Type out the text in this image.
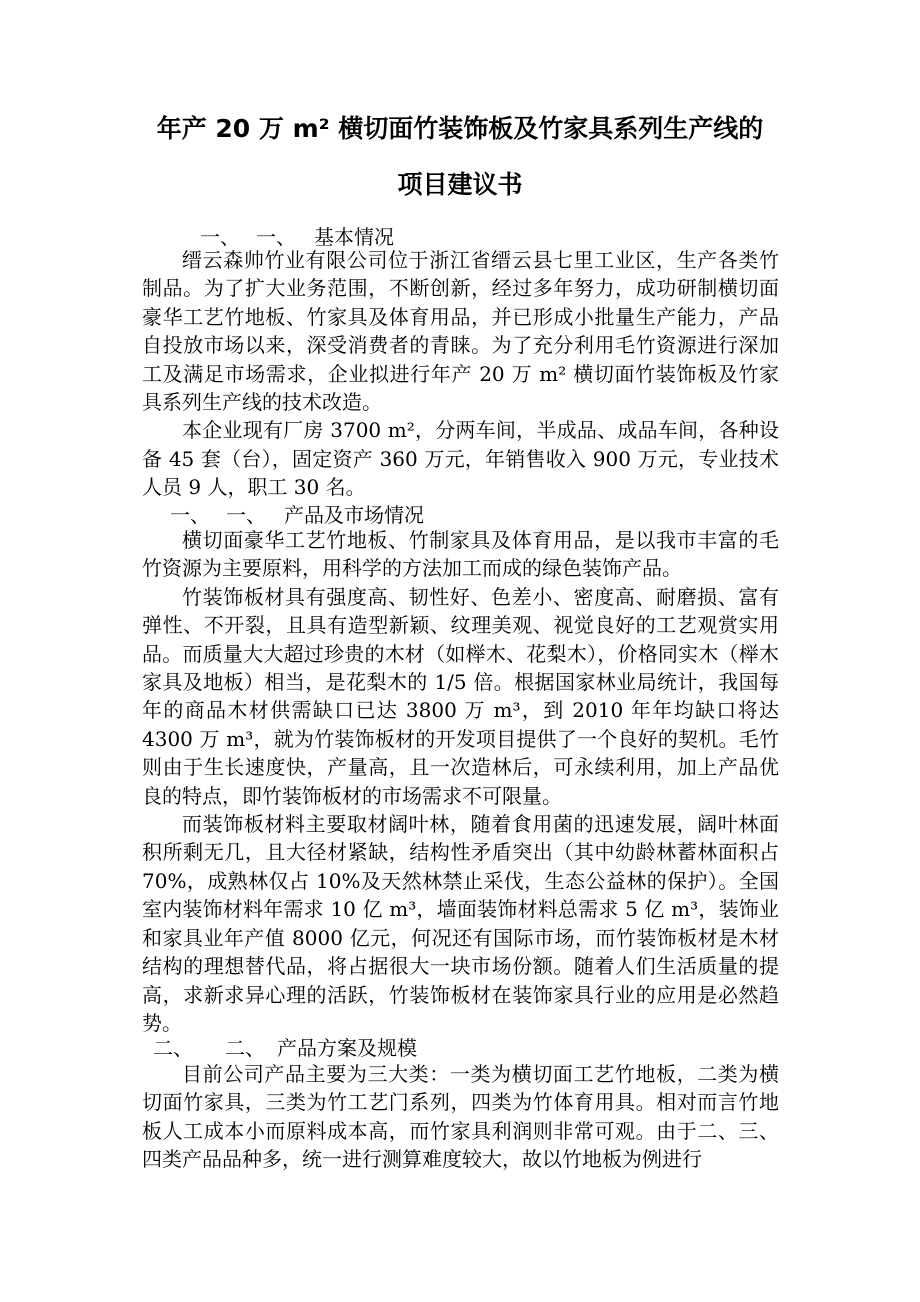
年产 20 万 m² 横切面竹装饰板及竹家具系列生产线的
项目建议书
一、 一、 基本情况

缙云森帅竹业有限公司位于浙江省缙云县七里工业区，生产各类竹制品。为了扩大业务范围，不断创新，经过多年努力，成功研制横切面豪华工艺竹地板、竹家具及体育用品，并已形成小批量生产能力，产品自投放市场以来，深受消费者的青睐。为了充分利用毛竹资源进行深加工及满足市场需求，企业拟进行年产 20 万 m² 横切面竹装饰板及竹家具系列生产线的技术改造。

本企业现有厂房 3700 m²，分两车间，半成品、成品车间，各种设备 45 套（台），固定资产 360 万元，年销售收入 900 万元，专业技术人员 9 人，职工 30 名。

一、 一、 产品及市场情况

横切面豪华工艺竹地板、竹制家具及体育用品，是以我市丰富的毛竹资源为主要原料，用科学的方法加工而成的绿色装饰产品。

竹装饰板材具有强度高、韧性好、色差小、密度高、耐磨损、富有弹性、不开裂，且具有造型新颖、纹理美观、视觉良好的工艺观赏实用品。而质量大大超过珍贵的木材（如榉木、花梨木），价格同实木（榉木家具及地板）相当，是花梨木的 1/5 倍。根据国家林业局统计，我国每年的商品木材供需缺口已达 3800 万 m³，到 2010 年年均缺口将达 4300 万 m³，就为竹装饰板材的开发项目提供了一个良好的契机。毛竹则由于生长速度快，产量高，且一次造林后，可永续利用，加上产品优良的特点，即竹装饰板材的市场需求不可限量。

而装饰板材料主要取材阔叶林，随着食用菌的迅速发展，阔叶林面积所剩无几，且大径材紧缺，结构性矛盾突出（其中幼龄林蓄林面积占 70%，成熟林仅占 10%及天然林禁止采伐，生态公益林的保护）。全国室内装饰材料年需求 10 亿 m³，墙面装饰材料总需求 5 亿 m³，装饰业和家具业年产值 8000 亿元，何况还有国际市场，而竹装饰板材是木材结构的理想替代品，将占据很大一块市场份额。随着人们生活质量的提高，求新求异心理的活跃，竹装饰板材在装饰家具行业的应用是必然趋势。

二、 二、 产品方案及规模

目前公司产品主要为三大类：一类为横切面工艺竹地板，二类为横切面竹家具，三类为竹工艺门系列，四类为竹体育用具。相对而言竹地板人工成本小而原料成本高，而竹家具利润则非常可观。由于二、三、四类产品品种多，统一进行测算难度较大，故以竹地板为例进行
